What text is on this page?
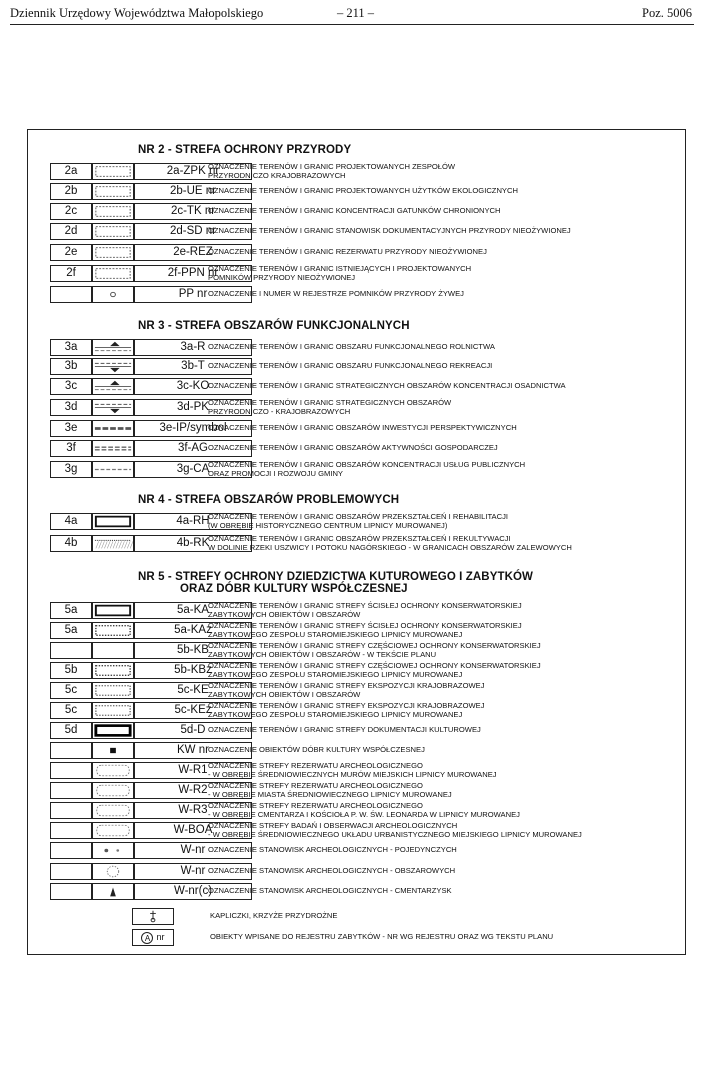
Dziennik Urzędowy Województwa Małopolskiego	– 211 –	Poz. 5006
NR 2 - STREFA OCHRONY PRZYRODY
2a	2a-ZPK nr
OZNACZENIE TERENÓW I GRANIC PROJEKTOWANYCH ZESPOŁÓW
PRZYRODNICZO KRAJOBRAZOWYCH
2b	2b-UE nr
OZNACZENIE TERENÓW I GRANIC PROJEKTOWANYCH UŻYTKÓW EKOLOGICZNYCH
2c	2c-TK nr
OZNACZENIE TERENÓW I GRANIC KONCENTRACJI GATUNKÓW CHRONIONYCH
2d	2d-SD nr
OZNACZENIE TERENÓW I GRANIC STANOWISK DOKUMENTACYJNYCH PRZYRODY NIEOŻYWIONEJ
2e	2e-REZ
OZNACZENIE TERENÓW I GRANIC REZERWATU PRZYRODY NIEOŻYWIONEJ
2f	2f-PPN nr
OZNACZENIE TERENÓW I GRANIC ISTNIEJĄCYCH I PROJEKTOWANYCH
POMNIKÓW PRZYRODY NIEOŻYWIONEJ
PP nr OZNACZENIE I NUMER W REJESTRZE POMNIKÓW PRZYRODY ŻYWEJ
NR 3 - STREFA OBSZARÓW FUNKCJONALNYCH
3a	3a-R OZNACZENIE TERENÓW I GRANIC OBSZARU FUNKCJONALNEGO ROLNICTWA
3b	3b-T OZNACZENIE TERENÓW I GRANIC OBSZARU FUNKCJONALNEGO REKREACJI
3c	3c-KO
OZNACZENIE TERENÓW I GRANIC STRATEGICZNYCH OBSZARÓW KONCENTRACJI OSADNICTWA
3d	3d-PK OZNACZENIE TERENÓW I GRANIC STRATEGICZNYCH OBSZARÓW
PRZYRODNICZO - KRAJOBRAZOWYCH
3e	3e-IP/symbol
OZNACZENIE TERENÓW I GRANIC OBSZARÓW INWESTYCJI PERSPEKTYWICZNYCH
3f	3f-AG OZNACZENIE TERENÓW I GRANIC OBSZARÓW AKTYWNOŚCI GOSPODARCZEJ
3g	3g-CA
OZNACZENIE TERENÓW I GRANIC OBSZARÓW KONCENTRACJI USŁUG PUBLICZNYCH
ORAZ PROMOCJI I ROZWOJU GMINY
NR 4 - STREFA OBSZARÓW PROBLEMOWYCH
4a	4a-RH
OZNACZENIE TERENÓW I GRANIC OBSZARÓW PRZEKSZTAŁCEŃ I REHABILITACJI
(W OBRĘBIE HISTORYCZNEGO CENTRUM LIPNICY MUROWANEJ)
4b	4b-RK
OZNACZENIE TERENÓW I GRANIC OBSZARÓW PRZEKSZTAŁCEŃ I REKULTYWACJI
W DOLINIE RZEKI USZWICY I POTOKU NAGÓRSKIEGO - W GRANICACH OBSZARÓW ZALEWOWYCH
NR 5 - STREFY OCHRONY DZIEDZICTWA KUTUROWEGO I ZABYTKÓW
ORAZ DÓBR KULTURY WSPÓŁCZESNEJ
5a	5a-KA OZNACZENIE TERENÓW I GRANIC STREFY ŚCISŁEJ OCHRONY KONSERWATORSKIEJ
ZABYTKOWYCH OBIEKTÓW I OBSZARÓW
5a	5a-KAz
OZNACZENIE TERENÓW I GRANIC STREFY ŚCISŁEJ OCHRONY KONSERWATORSKIEJ
ZABYTKOWEGO ZESPOŁU STAROMIEJSKIEGO LIPNICY MUROWANEJ
5b-KB OZNACZENIE TERENÓW I GRANIC STREFY CZĘŚCIOWEJ OCHRONY KONSERWATORSKIEJ
ZABYTKOWYCH OBIEKTÓW I OBSZARÓW - W TEKŚCIE PLANU
5b	5b-KBz
OZNACZENIE TERENÓW I GRANIC STREFY CZĘŚCIOWEJ OCHRONY KONSERWATORSKIEJ
ZABYTKOWEGO ZESPOŁU STAROMIEJSKIEGO LIPNICY MUROWANEJ
5c	5c-KE OZNACZENIE TERENÓW I GRANIC STREFY EKSPOZYCJI KRAJOBRAZOWEJ
ZABYTKOWYCH OBIEKTÓW I OBSZARÓW
5c	5c-KEz
OZNACZENIE TERENÓW I GRANIC STREFY EKSPOZYCJI KRAJOBRAZOWEJ
ZABYTKOWEGO ZESPOŁU STAROMIEJSKIEGO LIPNICY MUROWANEJ
5d	5d-D OZNACZENIE TERENÓW I GRANIC STREFY DOKUMENTACJI KULTUROWEJ
KW nr OZNACZENIE OBIEKTÓW DÓBR KULTURY WSPÓŁCZESNEJ
W-R1 OZNACZENIE STREFY REZERWATU ARCHEOLOGICZNEGO
- W OBRĘBIE ŚREDNIOWIECZNYCH MURÓW MIEJSKICH LIPNICY MUROWANEJ
W-R2 OZNACZENIE STREFY REZERWATU ARCHEOLOGICZNEGO
- W OBRĘBIE MIASTA ŚREDNIOWIECZNEGO LIPNICY MUROWANEJ
W-R3 OZNACZENIE STREFY REZERWATU ARCHEOLOGICZNEGO
- W OBRĘBIE CMENTARZA I KOŚCIOŁA P. W. ŚW. LEONARDA W LIPNICY MUROWANEJ
W-BOA
OZNACZENIE STREFY BADAŃ I OBSERWACJI ARCHEOLOGICZNYCH
- W OBRĘBIE ŚREDNIOWIECZNEGO UKŁADU URBANISTYCZNEGO MIEJSKIEGO LIPNICY MUROWANEJ
W-nr OZNACZENIE STANOWISK ARCHEOLOGICZNYCH - POJEDYNCZYCH
W-nr OZNACZENIE STANOWISK ARCHEOLOGICZNYCH - OBSZAROWYCH
W-nr(c)
OZNACZENIE STANOWISK ARCHEOLOGICZNYCH - CMENTARZYSK
KAPLICZKI, KRZYŻE PRZYDROŻNE
A nr	OBIEKTY WPISANE DO REJESTRU ZABYTKÓW - NR WG REJESTRU ORAZ WG TEKSTU PLANU
